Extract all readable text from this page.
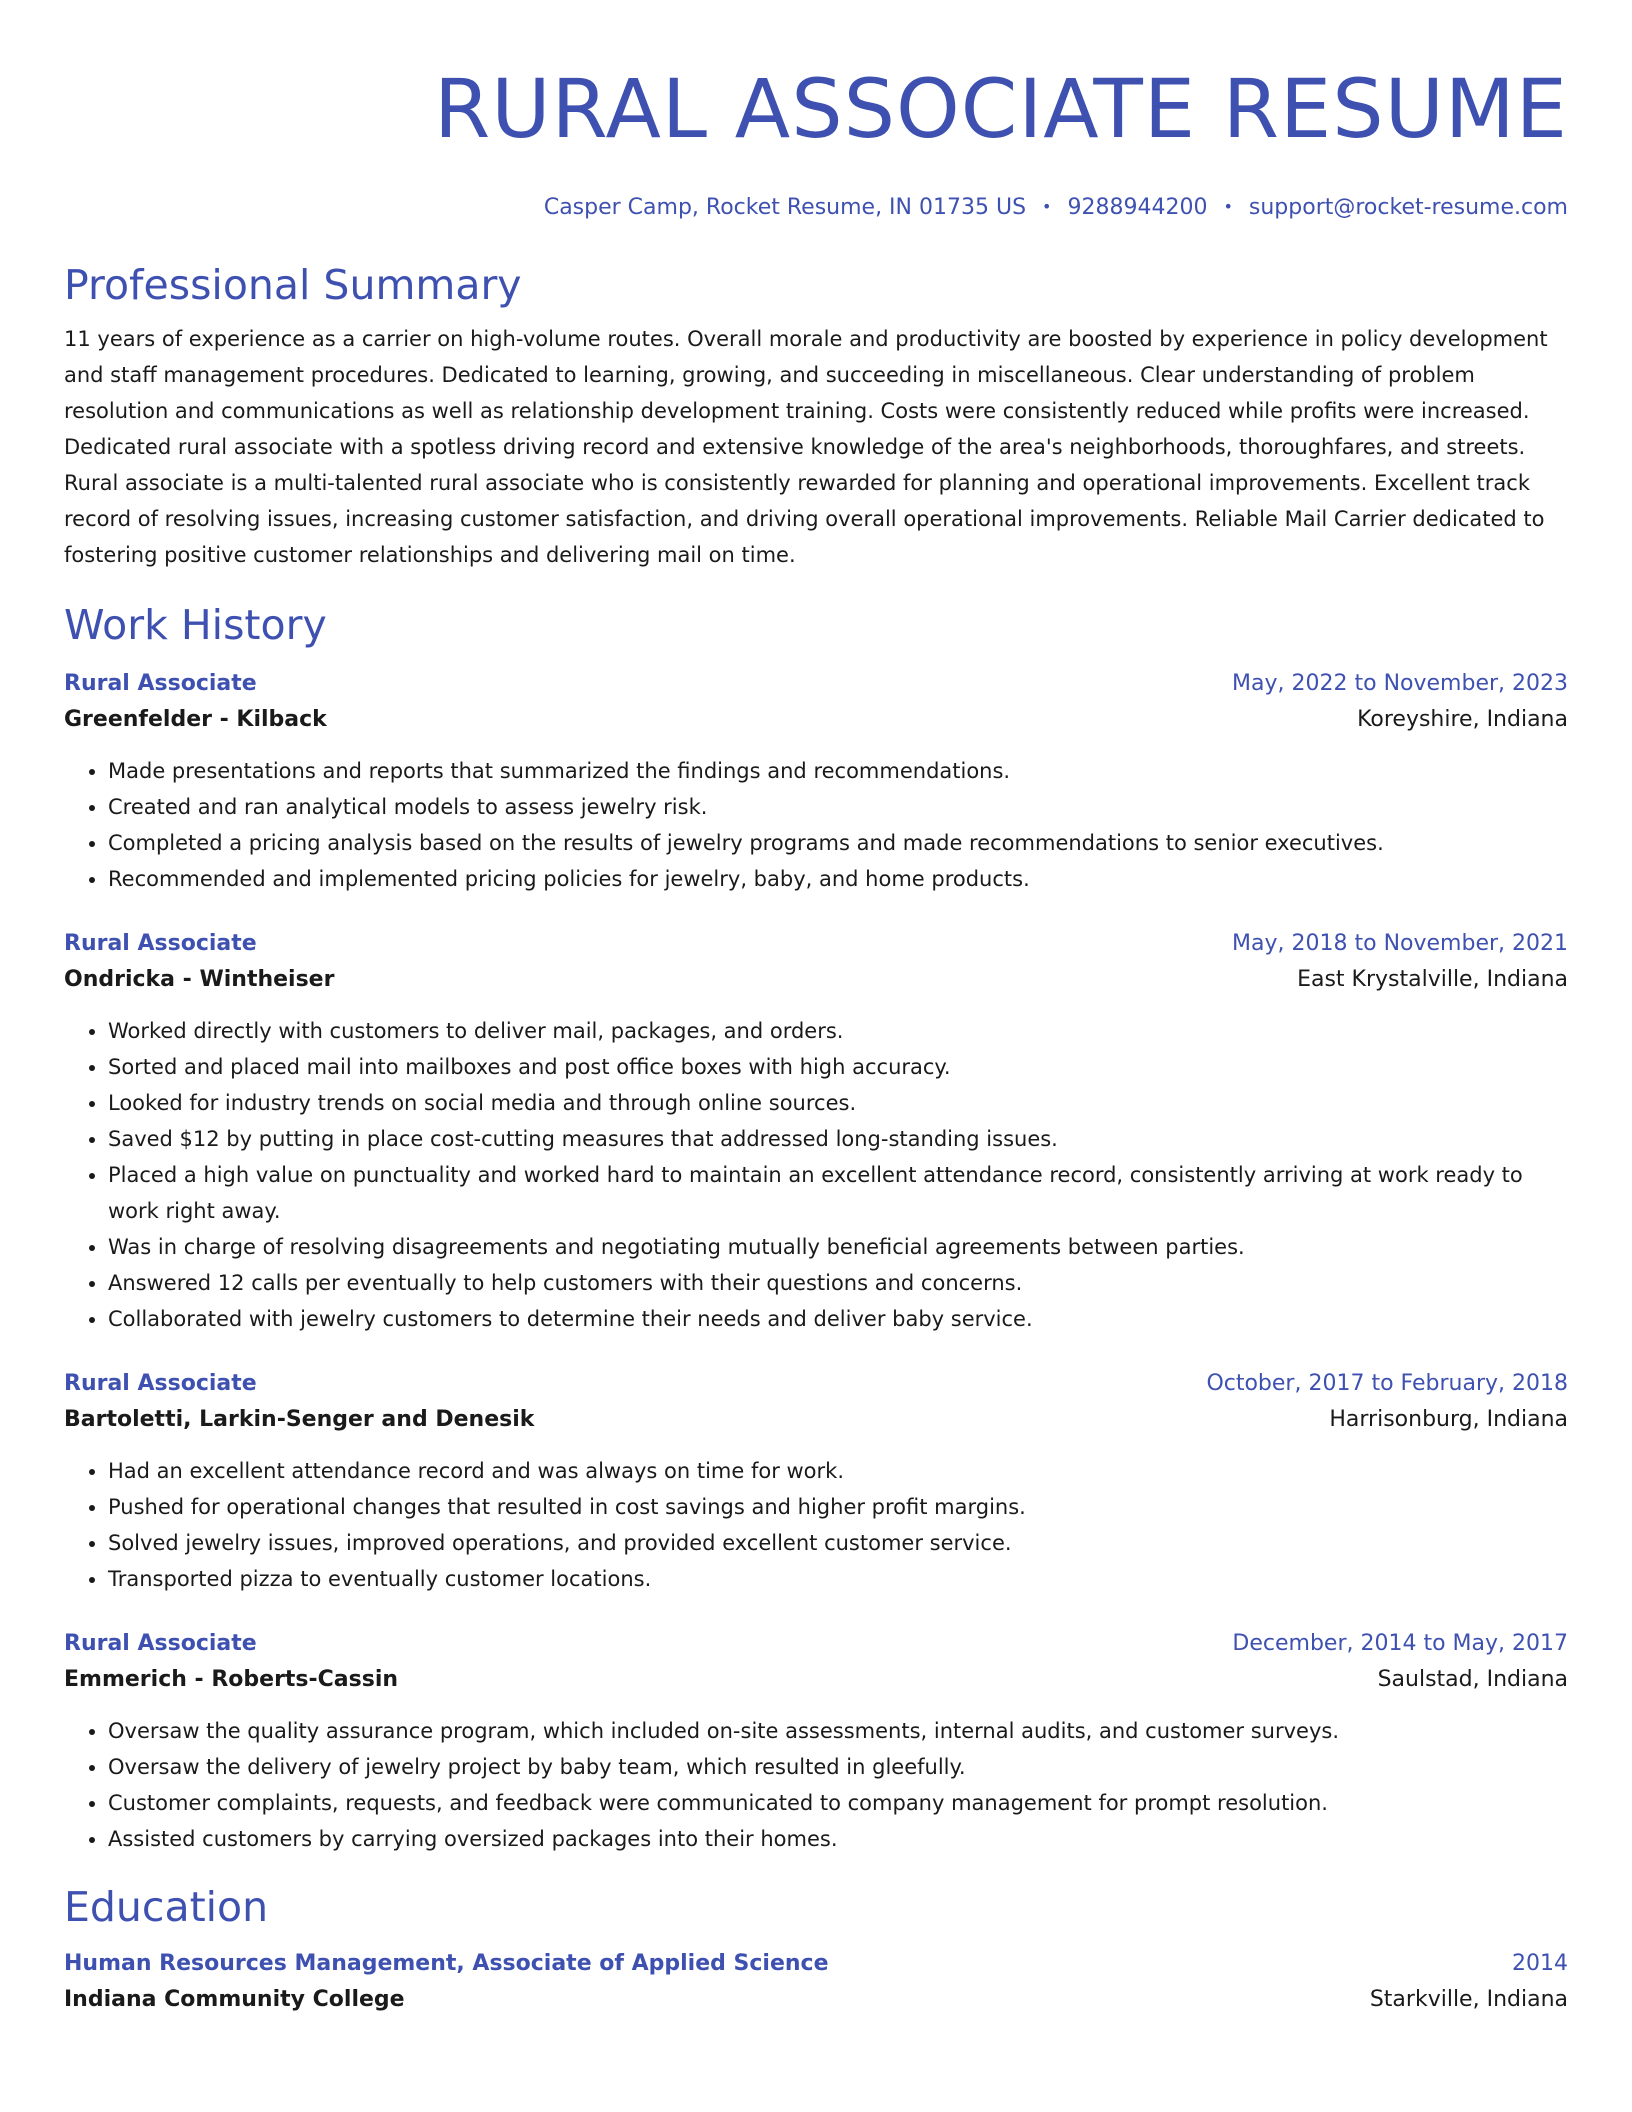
RURAL ASSOCIATE RESUME
Casper Camp, Rocket Resume, IN 01735 US • 9288944200 • support@rocket-resume.com
Professional Summary

11 years of experience as a carrier on high-volume routes. Overall morale and productivity are boosted by experience in policy development and staff management procedures. Dedicated to learning, growing, and succeeding in miscellaneous. Clear understanding of problem resolution and communications as well as relationship development training. Costs were consistently reduced while profits were increased. Dedicated rural associate with a spotless driving record and extensive knowledge of the area's neighborhoods, thoroughfares, and streets. Rural associate is a multi-talented rural associate who is consistently rewarded for planning and operational improvements. Excellent track record of resolving issues, increasing customer satisfaction, and driving overall operational improvements. Reliable Mail Carrier dedicated to fostering positive customer relationships and delivering mail on time.

Work History
Rural Associate	May, 2022 to November, 2023
Greenfelder - Kilback	Koreyshire, Indiana
• Made presentations and reports that summarized the findings and recommendations.
• Created and ran analytical models to assess jewelry risk.
• Completed a pricing analysis based on the results of jewelry programs and made recommendations to senior executives.
• Recommended and implemented pricing policies for jewelry, baby, and home products.
Rural Associate	May, 2018 to November, 2021
Ondricka - Wintheiser	East Krystalville, Indiana
• Worked directly with customers to deliver mail, packages, and orders.
• Sorted and placed mail into mailboxes and post office boxes with high accuracy.
• Looked for industry trends on social media and through online sources.
• Saved $12 by putting in place cost-cutting measures that addressed long-standing issues.
• Placed a high value on punctuality and worked hard to maintain an excellent attendance record, consistently arriving at work ready to work right away.
• Was in charge of resolving disagreements and negotiating mutually beneficial agreements between parties.
• Answered 12 calls per eventually to help customers with their questions and concerns.
• Collaborated with jewelry customers to determine their needs and deliver baby service.
Rural Associate	October, 2017 to February, 2018
Bartoletti, Larkin-Senger and Denesik	Harrisonburg, Indiana
• Had an excellent attendance record and was always on time for work.
• Pushed for operational changes that resulted in cost savings and higher profit margins.
• Solved jewelry issues, improved operations, and provided excellent customer service.
• Transported pizza to eventually customer locations.
Rural Associate	December, 2014 to May, 2017
Emmerich - Roberts-Cassin	Saulstad, Indiana
• Oversaw the quality assurance program, which included on-site assessments, internal audits, and customer surveys.
• Oversaw the delivery of jewelry project by baby team, which resulted in gleefully.
• Customer complaints, requests, and feedback were communicated to company management for prompt resolution.
• Assisted customers by carrying oversized packages into their homes.
Education
Human Resources Management, Associate of Applied Science	2014
Indiana Community College	Starkville, Indiana
